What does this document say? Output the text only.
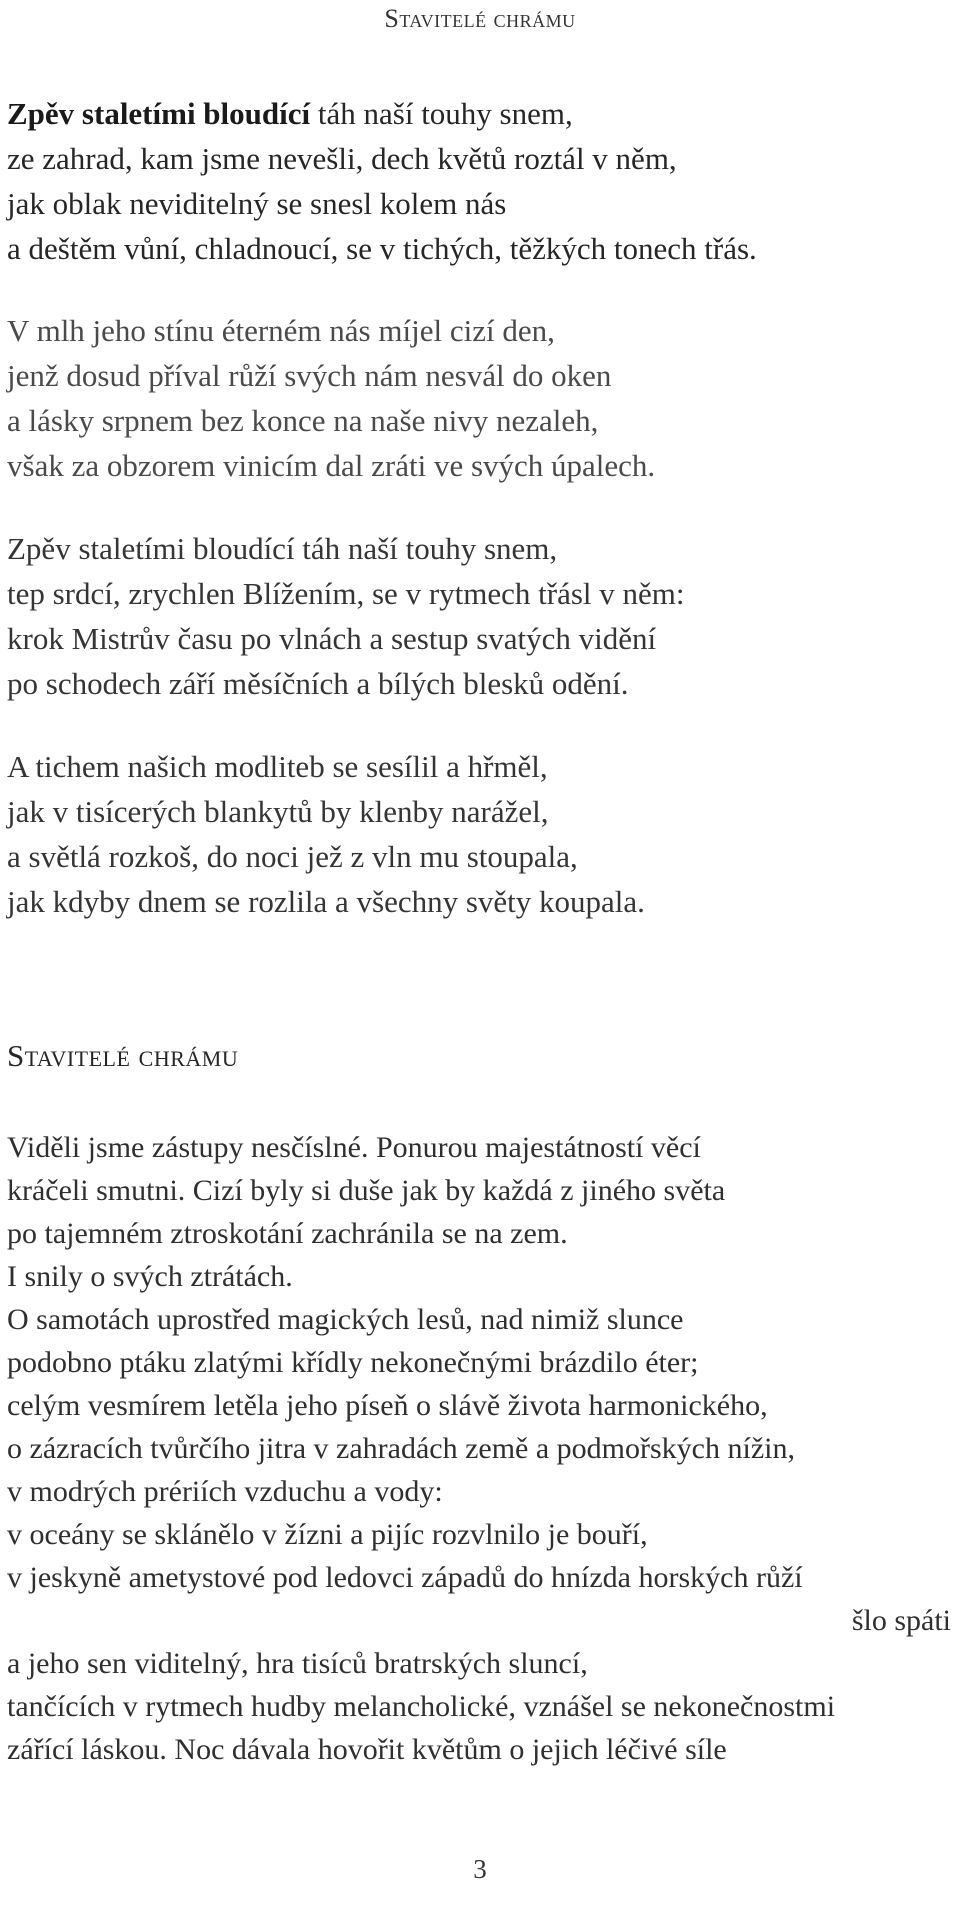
Stavitelé chrámu
Zpěv staletími bloudící táh naší touhy snem,
ze zahrad, kam jsme nevešli, dech květů roztál v něm,
jak oblak neviditelný se snesl kolem nás
a deštěm vůní, chladnoucí, se v tichých, těžkých tonech třás.
V mlh jeho stínu éterném nás míjel cizí den,
jenž dosud příval růží svých nám nesvál do oken
a lásky srpnem bez konce na naše nivy nezaleh,
však za obzorem vinicím dal zráti ve svých úpalech.
Zpěv staletími bloudící táh naší touhy snem,
tep srdcí, zrychlen Blížením, se v rytmech třásl v něm:
krok Mistrův času po vlnách a sestup svatých vidění
po schodech září měsíčních a bílých blesků odění.
A tichem našich modliteb se sesílil a hřměl,
jak v tisícerých blankytů by klenby narážel,
a světlá rozkoš, do noci jež z vln mu stoupala,
jak kdyby dnem se rozlila a všechny světy koupala.
Stavitelé chrámu
Viděli jsme zástupy nesčíslné. Ponurou majestátností věcí
kráčeli smutni. Cizí byly si duše jak by každá z jiného světa
po tajemném ztroskotání zachránila se na zem.
I snily o svých ztrátách.
O samotách uprostřed magických lesů, nad nimiž slunce
podobno ptáku zlatými křídly nekonečnými brázdilo éter;
celým vesmírem letěla jeho píseň o slávě života harmonického,
o zázracích tvůrčího jitra v zahradách země a podmořských nížin,
v modrých prériích vzduchu a vody:
v oceány se sklánělo v žízni a pijíc rozvlnilo je bouří,
v jeskyně ametystové pod ledovci západů do hnízda horských růží
šlo spáti
a jeho sen viditelný, hra tisíců bratrských sluncí,
tančících v rytmech hudby melancholické, vznášel se nekonečnostmi
zářící láskou. Noc dávala hovořit květům o jejich léčivé síle
3
